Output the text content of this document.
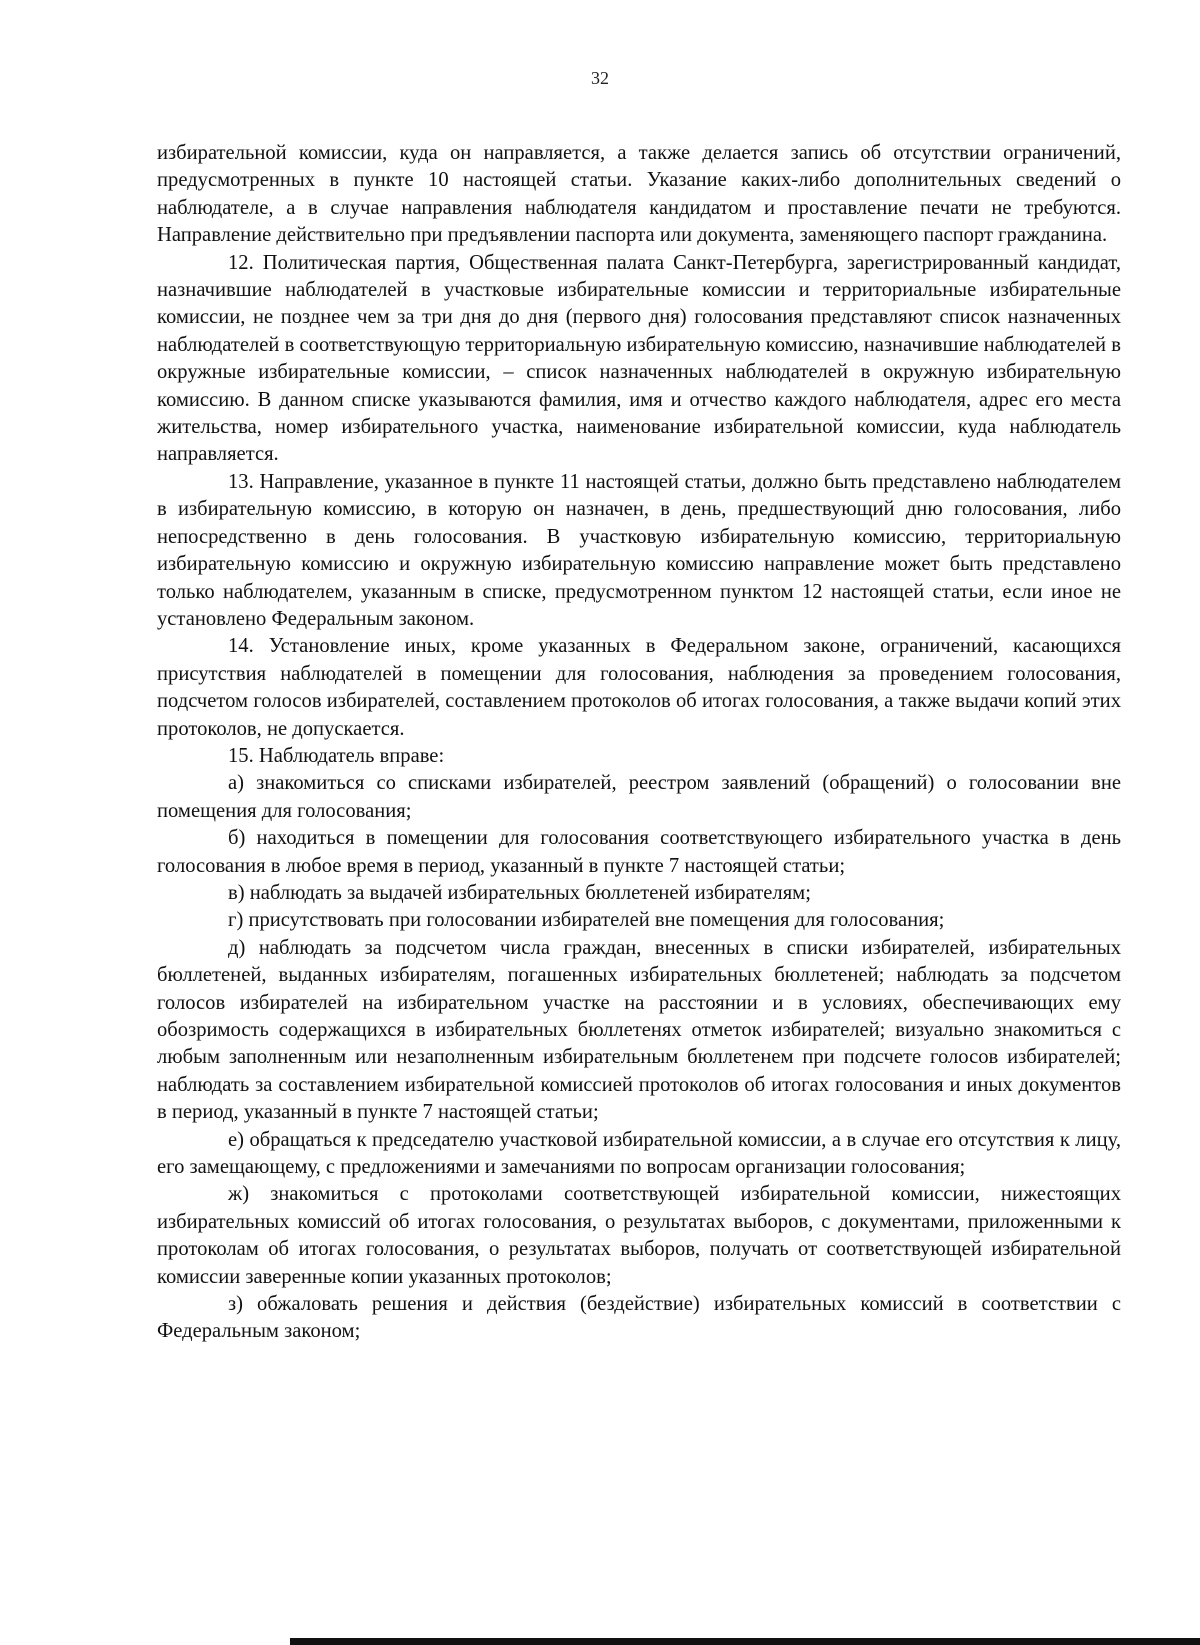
32

избирательной комиссии, куда он направляется, а также делается запись об отсутствии ограничений, предусмотренных в пункте 10 настоящей статьи. Указание каких-либо дополнительных сведений о наблюдателе, а в случае направления наблюдателя кандидатом и проставление печати не требуются. Направление действительно при предъявлении паспорта или документа, заменяющего паспорт гражданина.

12. Политическая партия, Общественная палата Санкт-Петербурга, зарегистрированный кандидат, назначившие наблюдателей в участковые избирательные комиссии и территориальные избирательные комиссии, не позднее чем за три дня до дня (первого дня) голосования представляют список назначенных наблюдателей в соответствующую территориальную избирательную комиссию, назначившие наблюдателей в окружные избирательные комиссии, – список назначенных наблюдателей в окружную избирательную комиссию. В данном списке указываются фамилия, имя и отчество каждого наблюдателя, адрес его места жительства, номер избирательного участка, наименование избирательной комиссии, куда наблюдатель направляется.

13. Направление, указанное в пункте 11 настоящей статьи, должно быть представлено наблюдателем в избирательную комиссию, в которую он назначен, в день, предшествующий дню голосования, либо непосредственно в день голосования. В участковую избирательную комиссию, территориальную избирательную комиссию и окружную избирательную комиссию направление может быть представлено только наблюдателем, указанным в списке, предусмотренном пунктом 12 настоящей статьи, если иное не установлено Федеральным законом.

14. Установление иных, кроме указанных в Федеральном законе, ограничений, касающихся присутствия наблюдателей в помещении для голосования, наблюдения за проведением голосования, подсчетом голосов избирателей, составлением протоколов об итогах голосования, а также выдачи копий этих протоколов, не допускается.

15. Наблюдатель вправе:

а) знакомиться со списками избирателей, реестром заявлений (обращений) о голосовании вне помещения для голосования;

б) находиться в помещении для голосования соответствующего избирательного участка в день голосования в любое время в период, указанный в пункте 7 настоящей статьи;

в) наблюдать за выдачей избирательных бюллетеней избирателям;

г) присутствовать при голосовании избирателей вне помещения для голосования;

д) наблюдать за подсчетом числа граждан, внесенных в списки избирателей, избирательных бюллетеней, выданных избирателям, погашенных избирательных бюллетеней; наблюдать за подсчетом голосов избирателей на избирательном участке на расстоянии и в условиях, обеспечивающих ему обозримость содержащихся в избирательных бюллетенях отметок избирателей; визуально знакомиться с любым заполненным или незаполненным избирательным бюллетенем при подсчете голосов избирателей; наблюдать за составлением избирательной комиссией протоколов об итогах голосования и иных документов в период, указанный в пункте 7 настоящей статьи;

е) обращаться к председателю участковой избирательной комиссии, а в случае его отсутствия к лицу, его замещающему, с предложениями и замечаниями по вопросам организации голосования;

ж) знакомиться с протоколами соответствующей избирательной комиссии, нижестоящих избирательных комиссий об итогах голосования, о результатах выборов, с документами, приложенными к протоколам об итогах голосования, о результатах выборов, получать от соответствующей избирательной комиссии заверенные копии указанных протоколов;

з) обжаловать решения и действия (бездействие) избирательных комиссий в соответствии с Федеральным законом;
